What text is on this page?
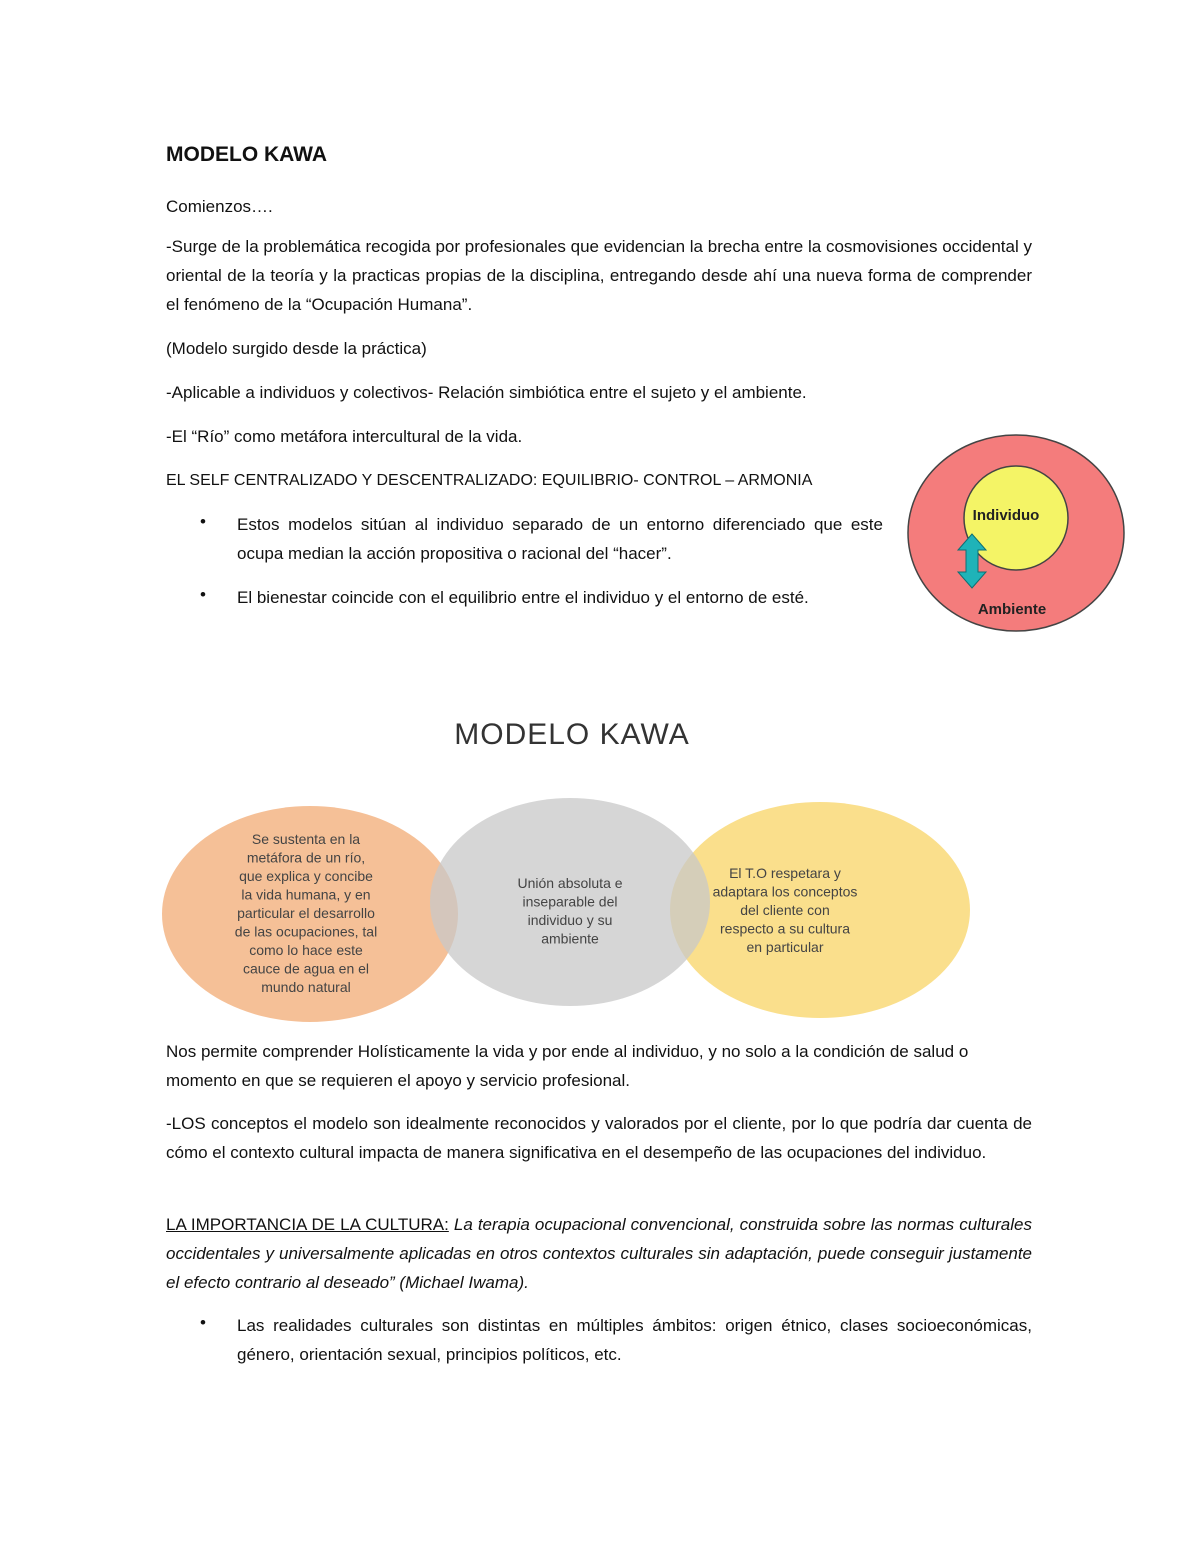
MODELO KAWA

Comienzos….

-Surge de la problemática recogida por profesionales que evidencian la brecha entre la cosmovisiones occidental y oriental de la teoría y la practicas propias de la disciplina, entregando desde ahí una nueva forma de comprender el fenómeno de la “Ocupación Humana”.

(Modelo surgido desde la práctica)

-Aplicable a individuos y colectivos- Relación simbiótica entre el sujeto y el ambiente.

-El “Río” como metáfora intercultural de la vida.

EL SELF CENTRALIZADO Y DESCENTRALIZADO: EQUILIBRIO- CONTROL – ARMONIA

• Estos modelos sitúan al individuo separado de un entorno diferenciado que este ocupa median la acción propositiva o racional del “hacer”.

• El bienestar coincide con el equilibrio entre el individuo y el entorno de esté.

Individuo
Ambiente
MODELO KAWA
Se sustenta en la
metáfora de un río,
que explica y concibe
la vida humana, y en
particular el desarrollo
de las ocupaciones, tal
como lo hace este
cauce de agua en el
mundo natural
Unión absoluta e
inseparable del
individuo y su
ambiente
El T.O respetara y
adaptara los conceptos
del cliente con
respecto a su cultura
en particular

Nos permite comprender Holísticamente la vida y por ende al individuo, y no solo a la condición de salud o momento en que se requieren el apoyo y servicio profesional.

-LOS conceptos el modelo son idealmente reconocidos y valorados por el cliente, por lo que podría dar cuenta de cómo el contexto cultural impacta de manera significativa en el desempeño de las ocupaciones del individuo.

LA IMPORTANCIA DE LA CULTURA: La terapia ocupacional convencional, construida sobre las normas culturales occidentales y universalmente aplicadas en otros contextos culturales sin adaptación, puede conseguir justamente el efecto contrario al deseado” (Michael Iwama).

• Las realidades culturales son distintas en múltiples ámbitos: origen étnico, clases socioeconómicas, género, orientación sexual, principios políticos, etc.
